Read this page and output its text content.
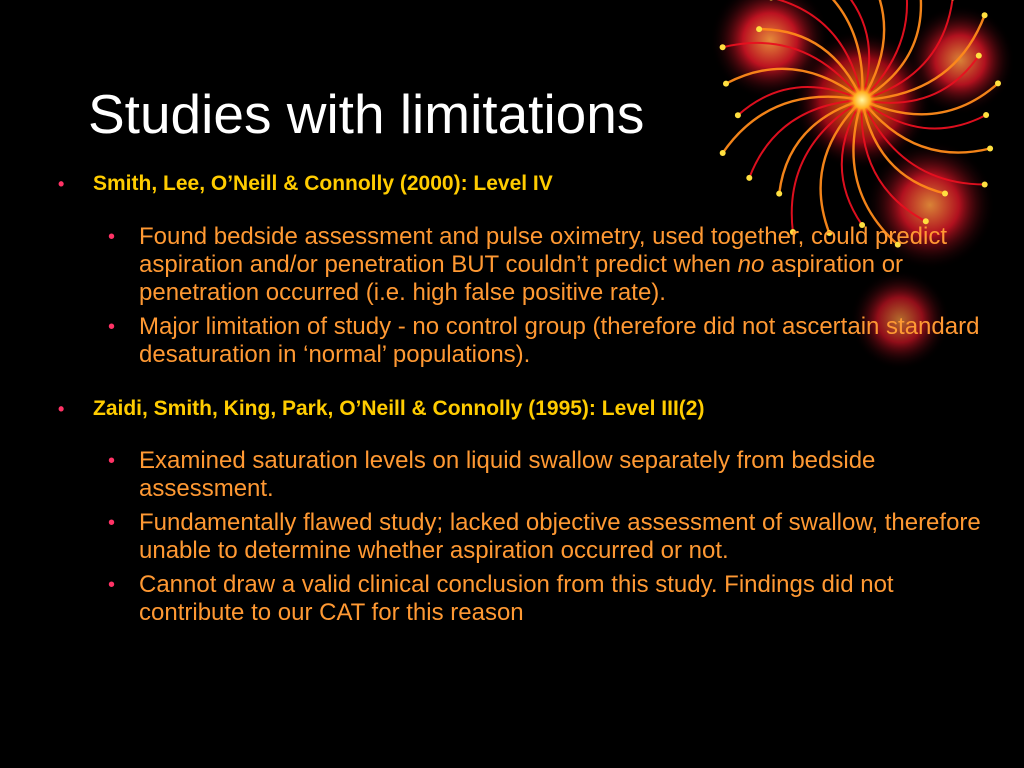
Studies with limitations
• Smith, Lee, O’Neill & Connolly (2000): Level IV
• Found bedside assessment and pulse oximetry, used together, could predict aspiration and/or penetration BUT couldn’t predict when no aspiration or penetration occurred (i.e. high false positive rate).
• Major limitation of study - no control group (therefore did not ascertain standard desaturation in ‘normal’ populations).
• Zaidi, Smith, King, Park, O’Neill & Connolly (1995): Level III(2)
• Examined saturation levels on liquid swallow separately from bedside assessment.
• Fundamentally flawed study; lacked objective assessment of swallow, therefore unable to determine whether aspiration occurred or not.
• Cannot draw a valid clinical conclusion from this study. Findings did not contribute to our CAT for this reason
